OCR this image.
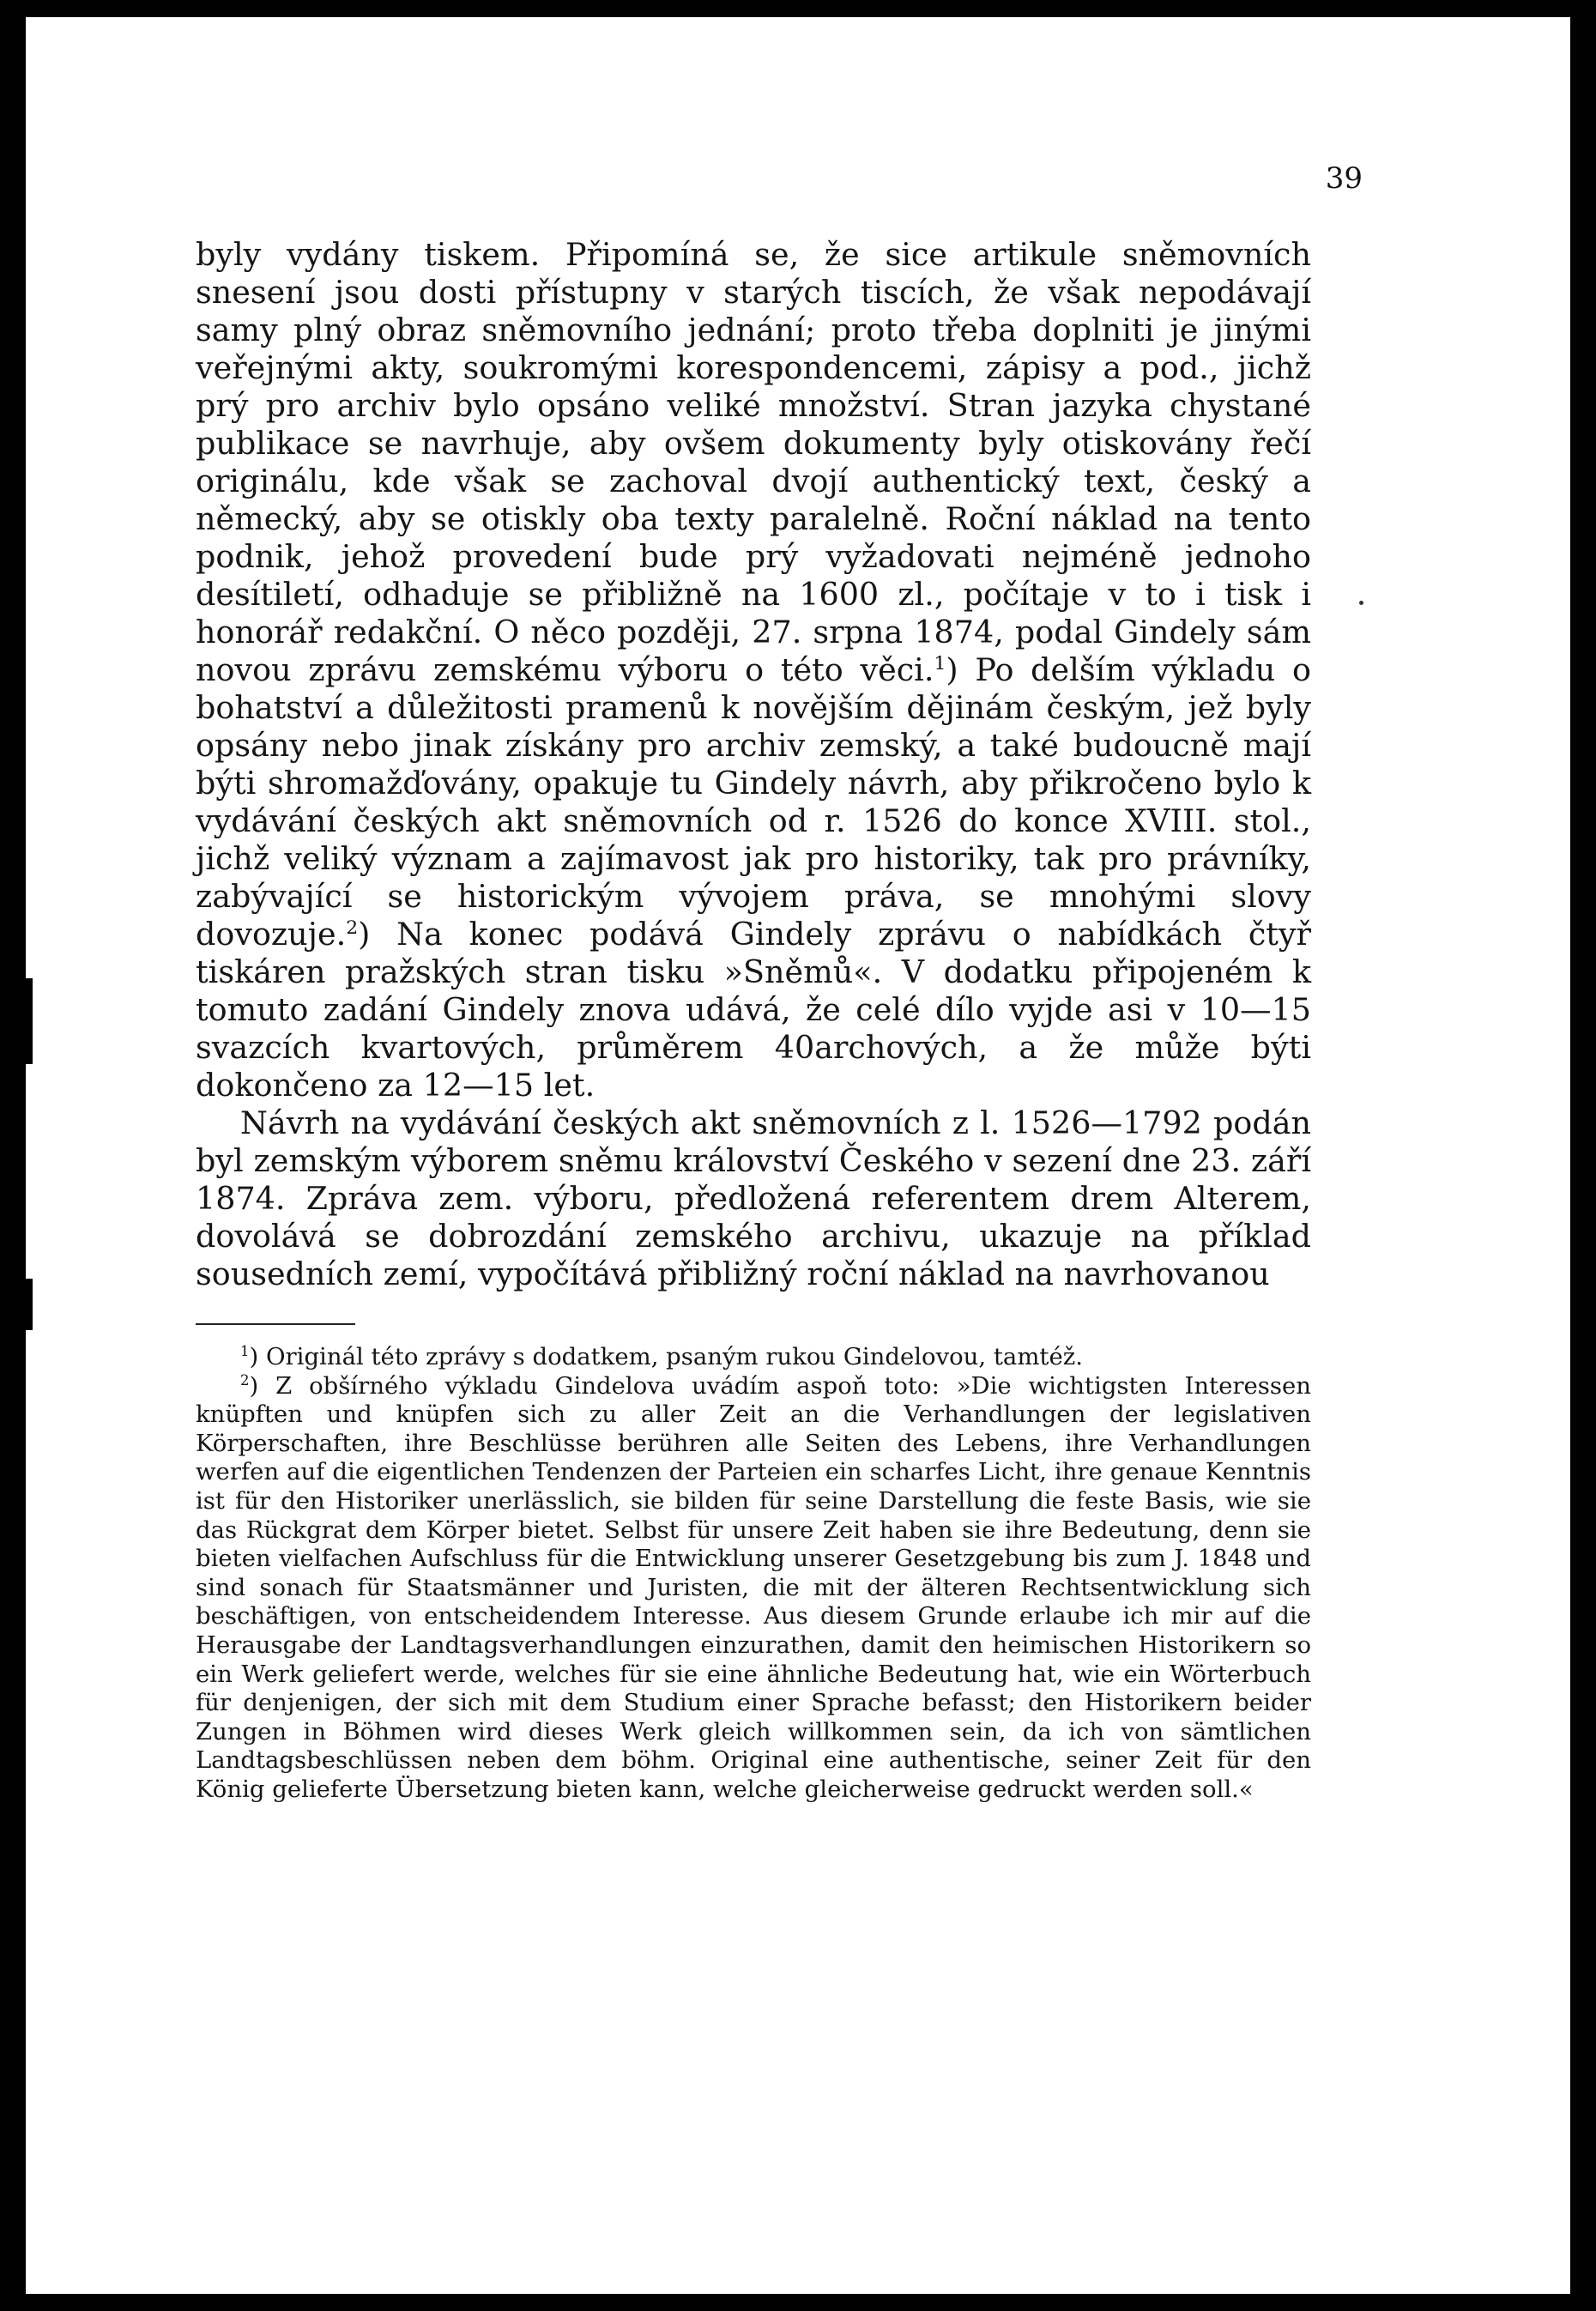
39

byly vydány tiskem. Připomíná se, že sice artikule sněmovních snesení jsou dosti přístupny v starých tiscích, že však nepodávají samy plný obraz sněmovního jednání; proto třeba doplniti je jinými veřejnými akty, soukromými korespondencemi, zápisy a pod., jichž prý pro archiv bylo opsáno veliké množství. Stran jazyka chystané publikace se navrhuje, aby ovšem dokumenty byly otiskovány řečí originálu, kde však se zachoval dvojí authentický text, český a německý, aby se otiskly oba texty paralelně. Roční náklad na tento podnik, jehož provedení bude prý vyžadovati nejméně jednoho desítiletí, odhaduje se přibližně na 1600 zl., počítaje v to i tisk i honorář redakční. O něco později, 27. srpna 1874, podal Gindely sám novou zprávu zemskému výboru o této věci.$^1$) Po delším výkladu o bohatství a důležitosti pramenů k novějším dějinám českým, jež byly opsány nebo jinak získány pro archiv zemský, a také budoucně mají býti shromažďovány, opakuje tu Gindely návrh, aby přikročeno bylo k vydávání českých akt sněmovních od r. 1526 do konce XVIII. stol., jichž veliký význam a zajímavost jak pro historiky, tak pro právníky, zabývající se historickým vývojem práva, se mnohými slovy dovozuje.$^2$) Na konec podává Gindely zprávu o nabídkách čtyř tiskáren pražských stran tisku »Sněmů«. V dodatku připojeném k tomuto zadání Gindely znova udává, že celé dílo vyjde asi v 10—15 svazcích kvartových, průměrem 40archových, a že může býti dokončeno za 12—15 let.

Návrh na vydávání českých akt sněmovních z l. 1526—1792 podán byl zemským výborem sněmu království Českého v sezení dne 23. září 1874. Zpráva zem. výboru, předložená referentem drem Alterem, dovolává se dobrozdání zemského archivu, ukazuje na příklad sousedních zemí, vypočítává přibližný roční náklad na navrhovanou

$^1$) Originál této zprávy s dodatkem, psaným rukou Gindelovou, tamtéž.

$^2$) Z obšírného výkladu Gindelova uvádím aspoň toto: »Die wichtigsten Interessen knüpften und knüpfen sich zu aller Zeit an die Verhandlungen der legislativen Körperschaften, ihre Beschlüsse berühren alle Seiten des Lebens, ihre Verhandlungen werfen auf die eigentlichen Tendenzen der Parteien ein scharfes Licht, ihre genaue Kenntnis ist für den Historiker unerlässlich, sie bilden für seine Darstellung die feste Basis, wie sie das Rückgrat dem Körper bietet. Selbst für unsere Zeit haben sie ihre Bedeutung, denn sie bieten vielfachen Aufschluss für die Entwicklung unserer Gesetzgebung bis zum J. 1848 und sind sonach für Staatsmänner und Juristen, die mit der älteren Rechtsentwicklung sich beschäftigen, von entscheidendem Interesse. Aus diesem Grunde erlaube ich mir auf die Herausgabe der Landtagsverhandlungen einzurathen, damit den heimischen Historikern so ein Werk geliefert werde, welches für sie eine ähnliche Bedeutung hat, wie ein Wörterbuch für denjenigen, der sich mit dem Studium einer Sprache befasst; den Historikern beider Zungen in Böhmen wird dieses Werk gleich willkommen sein, da ich von sämtlichen Landtagsbeschlüssen neben dem böhm. Original eine authentische, seiner Zeit für den König gelieferte Übersetzung bieten kann, welche gleicherweise gedruckt werden soll.«
